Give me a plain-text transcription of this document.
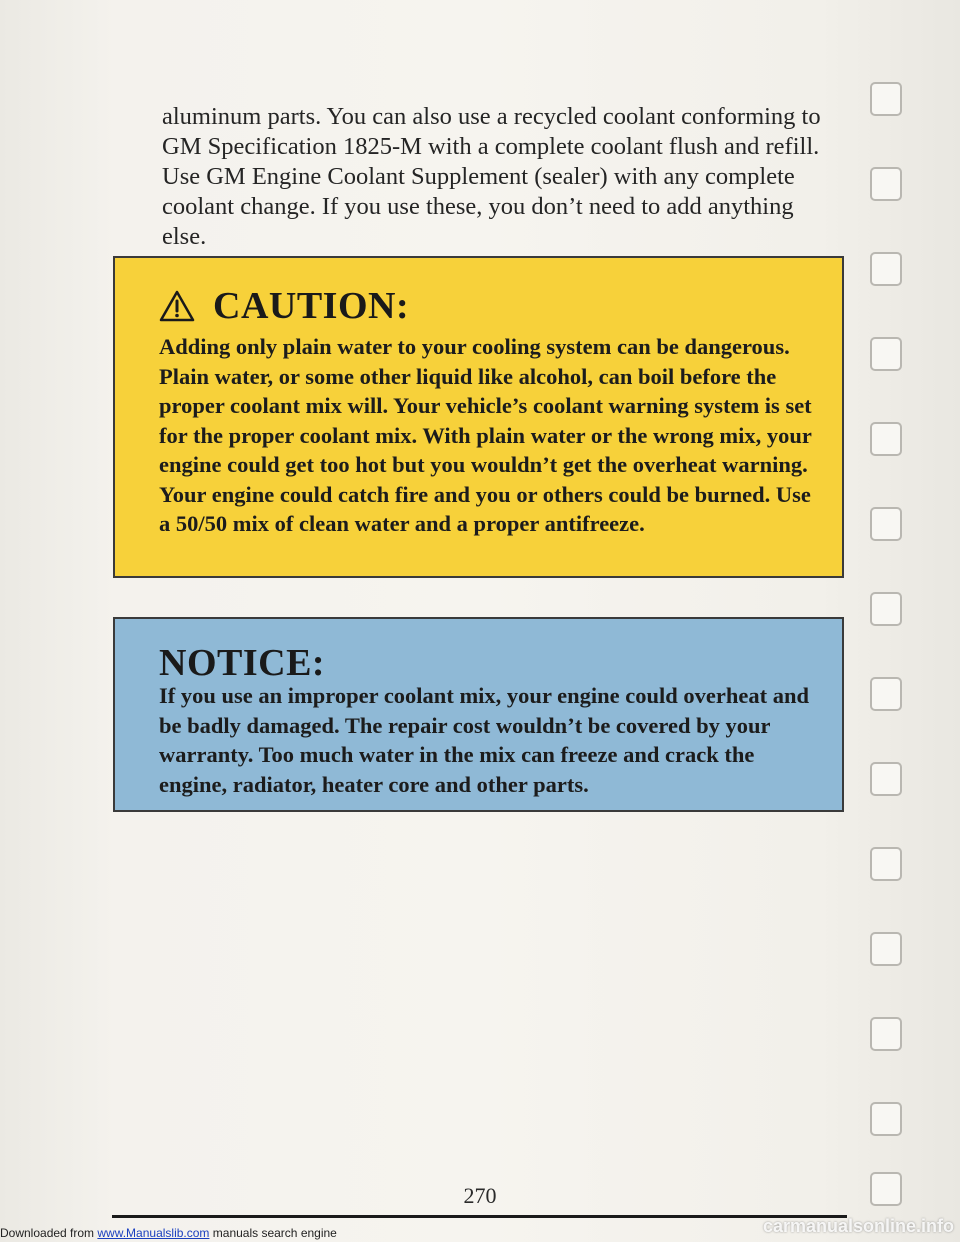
aluminum parts. You can also use a recycled coolant conforming to GM Specification 1825-M with a complete coolant flush and refill. Use GM Engine Coolant Supplement (sealer) with any complete coolant change. If you use these, you don’t need to add anything else.

CAUTION:

Adding only plain water to your cooling system can be dangerous. Plain water, or some other liquid like alcohol, can boil before the proper coolant mix will. Your vehicle’s coolant warning system is set for the proper coolant mix. With plain water or the wrong mix, your engine could get too hot but you wouldn’t get the overheat warning. Your engine could catch fire and you or others could be burned. Use a 50/50 mix of clean water and a proper antifreeze.

NOTICE:

If you use an improper coolant mix, your engine could overheat and be badly damaged. The repair cost wouldn’t be covered by your warranty. Too much water in the mix can freeze and crack the engine, radiator, heater core and other parts.

270
Downloaded from www.Manualslib.com manuals search engine	carmanualsonline.info
